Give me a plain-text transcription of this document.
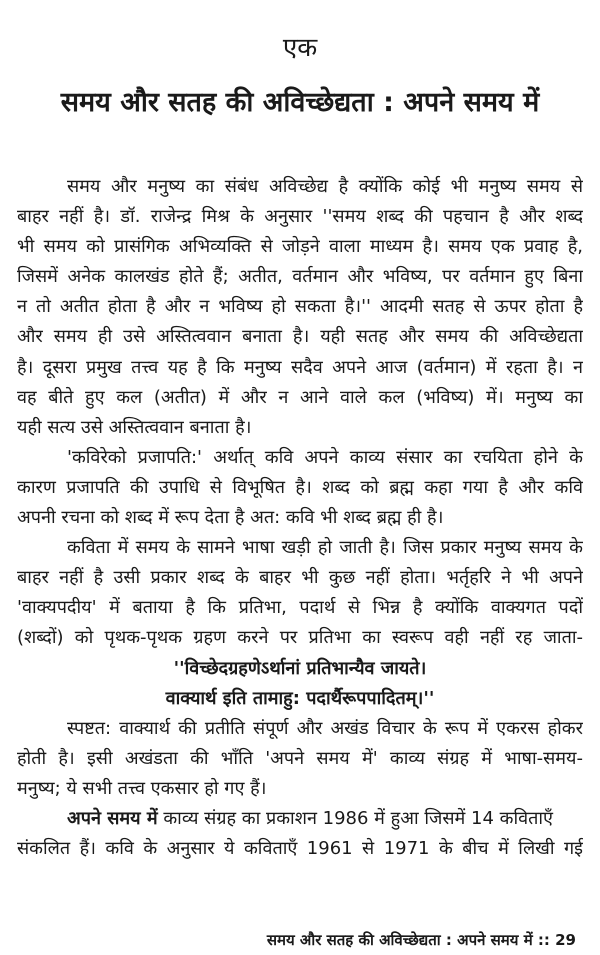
एक
समय और सतह की अविच्छेद्यता : अपने समय में
समय और मनुष्य का संबंध अविच्छेद्य है क्योंकि कोई भी मनुष्य समय से
बाहर नहीं है। डॉ. राजेन्द्र मिश्र के अनुसार ''समय शब्द की पहचान है और शब्द
भी समय को प्रासंगिक अभिव्यक्ति से जोड़ने वाला माध्यम है। समय एक प्रवाह है,
जिसमें अनेक कालखंड होते हैं; अतीत, वर्तमान और भविष्य, पर वर्तमान हुए बिना
न तो अतीत होता है और न भविष्य हो सकता है।'' आदमी सतह से ऊपर होता है
और समय ही उसे अस्तित्ववान बनाता है। यही सतह और समय की अविच्छेद्यता
है। दूसरा प्रमुख तत्त्व यह है कि मनुष्य सदैव अपने आज (वर्तमान) में रहता है। न
वह बीते हुए कल (अतीत) में और न आने वाले कल (भविष्य) में। मनुष्य का
यही सत्य उसे अस्तित्ववान बनाता है।
'कविरेको प्रजापति:' अर्थात् कवि अपने काव्य संसार का रचयिता होने के
कारण प्रजापति की उपाधि से विभूषित है। शब्द को ब्रह्म कहा गया है और कवि
अपनी रचना को शब्द में रूप देता है अत: कवि भी शब्द ब्रह्म ही है।
कविता में समय के सामने भाषा खड़ी हो जाती है। जिस प्रकार मनुष्य समय के
बाहर नहीं है उसी प्रकार शब्द के बाहर भी कुछ नहीं होता। भर्तृहरि ने भी अपने
'वाक्यपदीय' में बताया है कि प्रतिभा, पदार्थ से भिन्न है क्योंकि वाक्यगत पदों
(शब्दों) को पृथक-पृथक ग्रहण करने पर प्रतिभा का स्वरूप वही नहीं रह जाता-
''विच्छेदग्रहणेऽर्थानां प्रतिभान्यैव जायते।
वाक्यार्थ इति तामाहु: पदार्थैरूपपादितम्।''
स्पष्टत: वाक्यार्थ की प्रतीति संपूर्ण और अखंड विचार के रूप में एकरस होकर
होती है। इसी अखंडता की भाँति 'अपने समय में' काव्य संग्रह में भाषा-समय-
मनुष्य; ये सभी तत्त्व एकसार हो गए हैं।
अपने समय में काव्य संग्रह का प्रकाशन 1986 में हुआ जिसमें 14 कविताएँ
संकलित हैं। कवि के अनुसार ये कविताएँ 1961 से 1971 के बीच में लिखी गई
समय और सतह की अविच्छेद्यता : अपने समय में :: 29
